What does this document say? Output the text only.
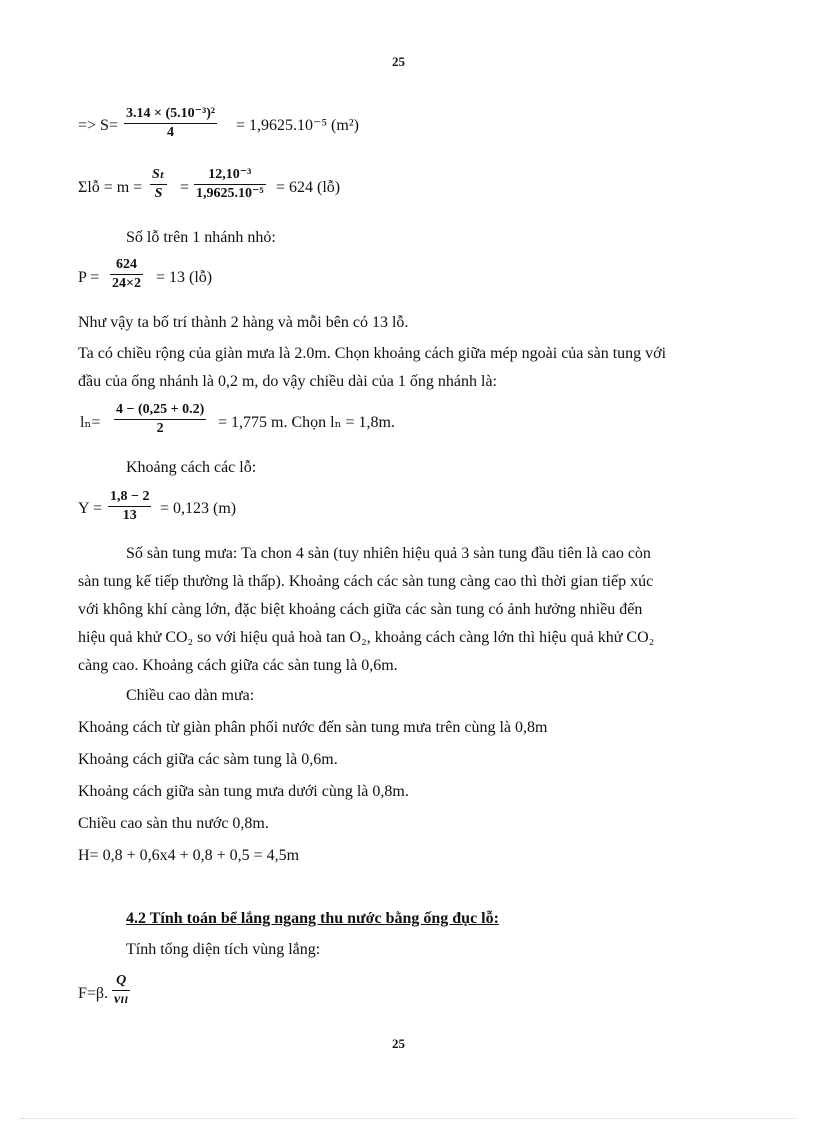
25
=> $S= \frac{\text{3.14 × (5.10⁻³)²}}{4} = 1,9625.10^{-5}$ (m²)
Σlỗ = $m = \frac{\text{Sₜ}}{S} = \frac{\text{12,10⁻³}}{\text{1,9625.10⁻⁵}} = 624$ (lỗ)
Số lỗ trên 1 nhánh nhỏ:
$P = \frac{624}{24\times 2} = 13$ (lỗ)
Như vậy ta bố trí thành 2 hàng và mỗi bên có 13 lỗ.
Ta có chiều rộng của giàn mưa là 2.0m. Chọn khoảng cách giữa mép ngoài của sàn tung với
đầu của ống nhánh là 0,2 m, do vậy chiều dài của 1 ống nhánh là:
$l_n= \frac{4 - (0,25 + 0.2)}{2} = 1,775$ m. Chọn lₙ = 1,8m.
Khoảng cách các lỗ:
$Y = \frac{1,8 - 2}{13} = 0,123$ (m)
Số sàn tung mưa: Ta chon 4 sàn (tuy nhiên hiệu quả 3 sàn tung đầu tiên là cao còn
sàn tung kế tiếp thường là thấp). Khoảng cách các sàn tung càng cao thì thời gian tiếp xúc
với không khí càng lớn, đặc biệt khoảng cách giữa các sàn tung có ảnh hưởng nhiều đến
hiệu quả khử CO₂ so với hiệu quả hoà tan O₂, khoảng cách càng lớn thì hiệu quả khử CO₂
càng cao. Khoảng cách giữa các sàn tung là 0,6m.
Chiều cao dàn mưa:
Khoảng cách từ giàn phân phối nước đến sàn tung mưa trên cùng là 0,8m
Khoảng cách giữa các sàm tung là 0,6m.
Khoảng cách giữa sàn tung mưa dưới cùng là 0,8m.
Chiều cao sàn thu nước 0,8m.
H= 0,8 + 0,6x4 + 0,8 + 0,5 = 4,5m
4.2 Tính toán bể lắng ngang thu nước bằng ống đục lỗ:
Tính tổng diện tích vùng lắng:
F=β.
Q
vₗₗ
25
